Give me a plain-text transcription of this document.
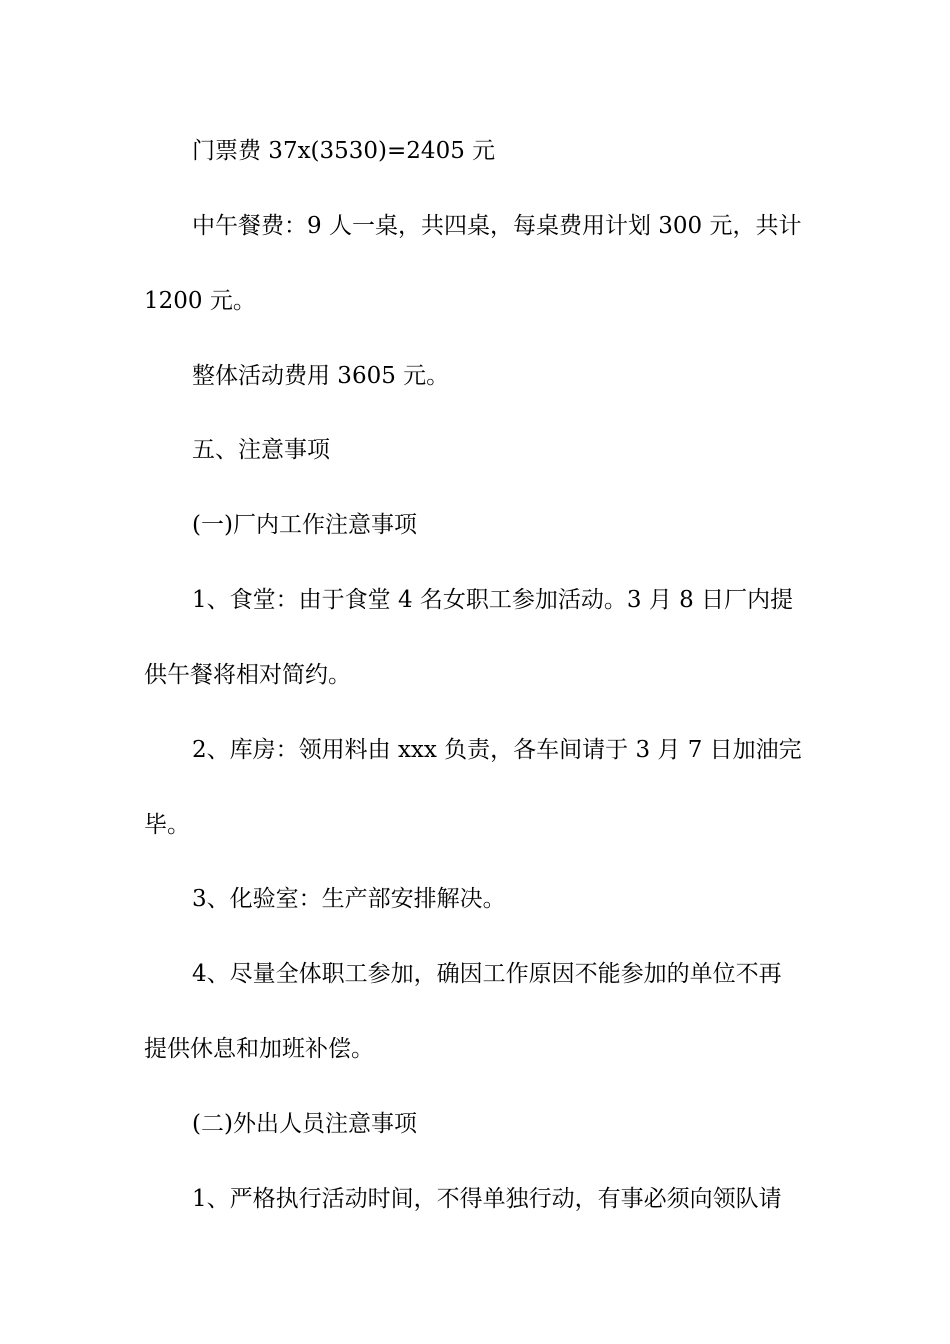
门票费 37x(3530)=2405 元
中午餐费：9 人一桌，共四桌，每桌费用计划 300 元，共计
1200 元。
整体活动费用 3605 元。
五、注意事项
(一)厂内工作注意事项
1、食堂：由于食堂 4 名女职工参加活动。3 月 8 日厂内提
供午餐将相对简约。
2、库房：领用料由 xxx 负责，各车间请于 3 月 7 日加油完
毕。
3、化验室：生产部安排解决。
4、尽量全体职工参加，确因工作原因不能参加的单位不再
提供休息和加班补偿。
(二)外出人员注意事项
1、严格执行活动时间，不得单独行动，有事必须向领队请
